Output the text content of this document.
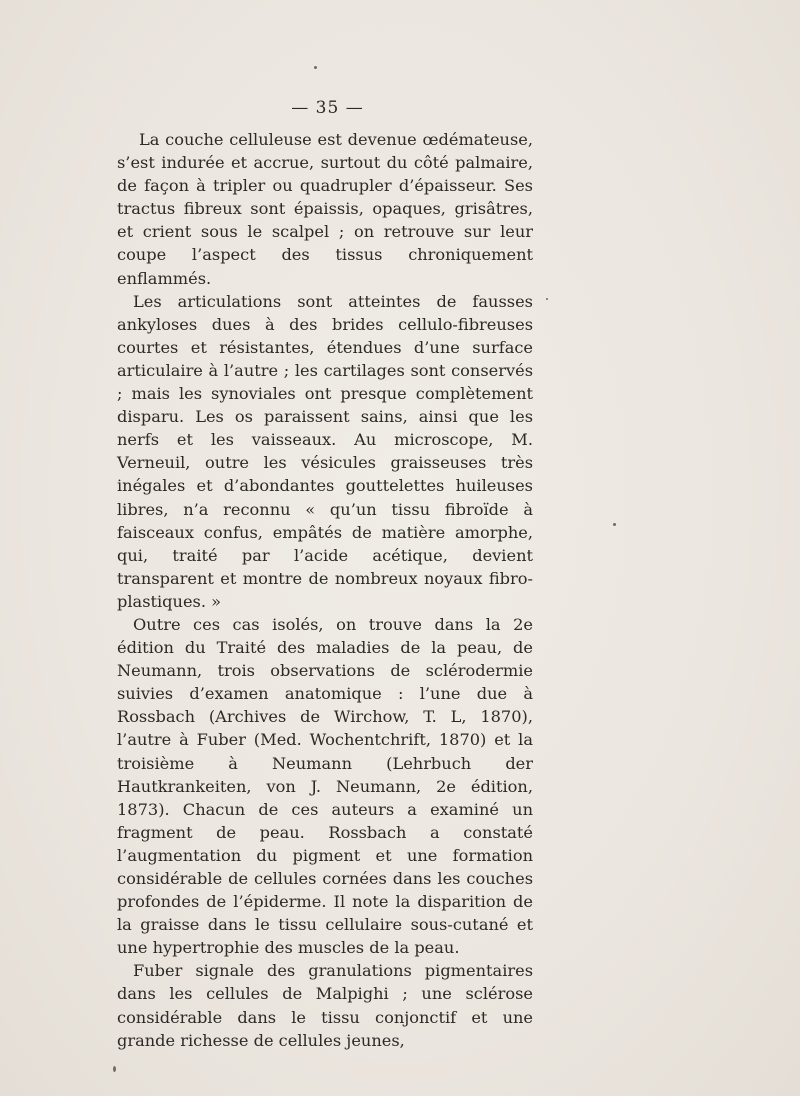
— 35 —

La couche celluleuse est devenue œdémateuse, s’est indurée et accrue, surtout du côté palmaire, de façon à tripler ou quadrupler d’épaisseur. Ses tractus fibreux sont épaissis, opaques, grisâtres, et crient sous le scalpel ; on retrouve sur leur coupe l’aspect des tissus chroniquement enflammés.

Les articulations sont atteintes de fausses ankyloses dues à des brides cellulo-fibreuses courtes et résistantes, étendues d’une surface articulaire à l’autre ; les cartilages sont conservés ; mais les synoviales ont presque complètement disparu. Les os paraissent sains, ainsi que les nerfs et les vaisseaux. Au microscope, M. Verneuil, outre les vésicules graisseuses très inégales et d’abondantes gouttelettes huileuses libres, n’a reconnu « qu’un tissu fibroïde à faisceaux confus, empâtés de matière amorphe, qui, traité par l’acide acétique, devient transparent et montre de nombreux noyaux fibro-plastiques. »

Outre ces cas isolés, on trouve dans la 2e édition du Traité des maladies de la peau, de Neumann, trois observations de sclérodermie suivies d’examen anatomique : l’une due à Rossbach (Archives de Wirchow, T. L, 1870), l’autre à Fuber (Med. Wochentchrift, 1870) et la troisième à Neumann (Lehrbuch der Hautkrankeiten, von J. Neumann, 2e édition, 1873). Chacun de ces auteurs a examiné un fragment de peau. Rossbach a constaté l’augmentation du pigment et une formation considérable de cellules cornées dans les couches profondes de l’épiderme. Il note la disparition de la graisse dans le tissu cellulaire sous-cutané et une hypertrophie des muscles de la peau.

Fuber signale des granulations pigmentaires dans les cellules de Malpighi ; une sclérose considérable dans le tissu conjonctif et une grande richesse de cellules jeunes,
